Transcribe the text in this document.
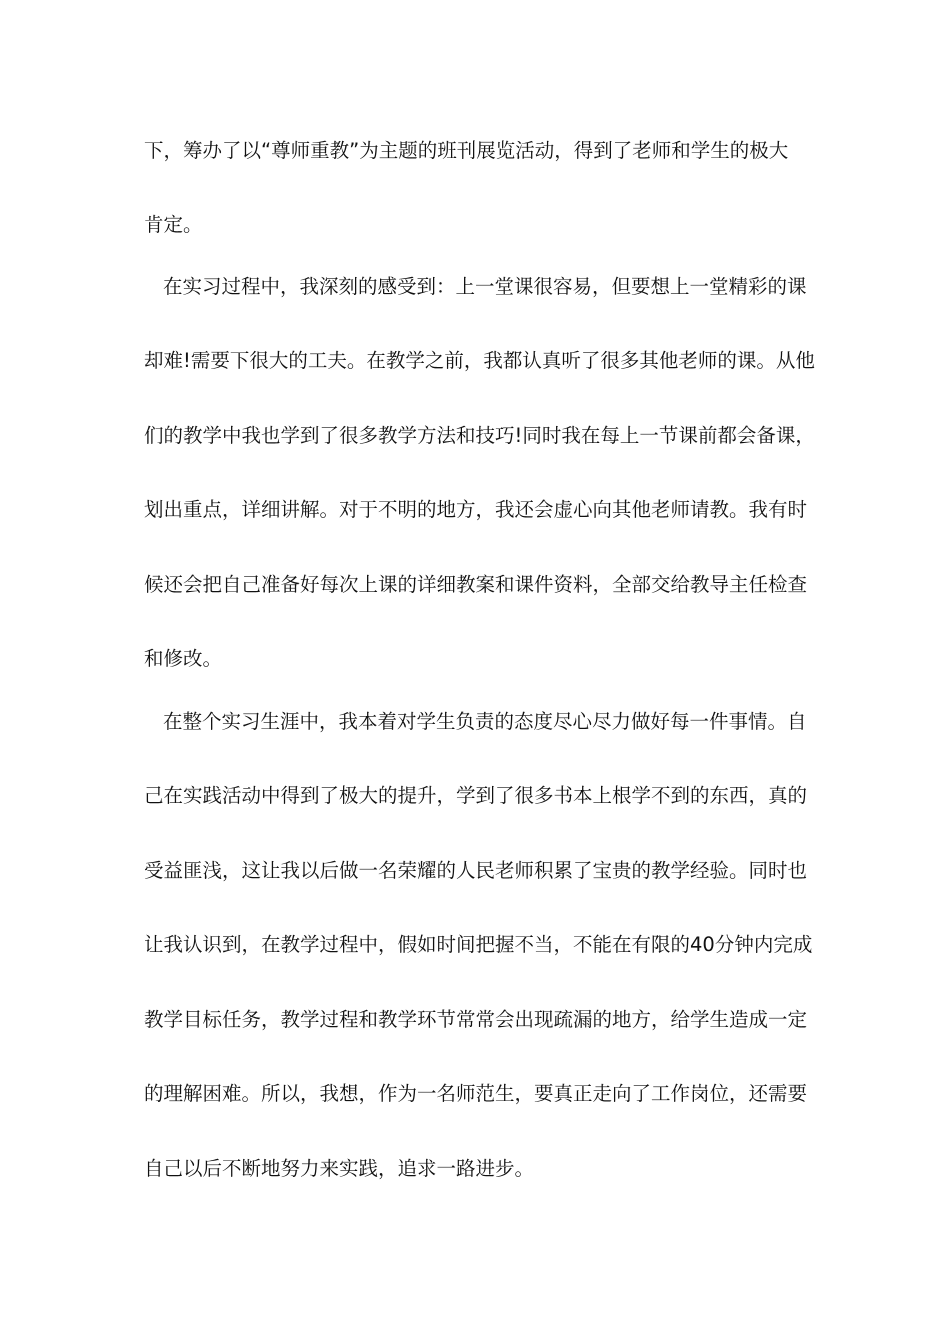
下，筹办了以“尊师重教”为主题的班刊展览活动，得到了老师和学生的极大
肯定。
在实习过程中，我深刻的感受到：上一堂课很容易，但要想上一堂精彩的课
却难!需要下很大的工夫。在教学之前，我都认真听了很多其他老师的课。从他
们的教学中我也学到了很多教学方法和技巧!同时我在每上一节课前都会备课，
划出重点，详细讲解。对于不明的地方，我还会虚心向其他老师请教。我有时
候还会把自己准备好每次上课的详细教案和课件资料，全部交给教导主任检查
和修改。
在整个实习生涯中，我本着对学生负责的态度尽心尽力做好每一件事情。自
己在实践活动中得到了极大的提升，学到了很多书本上根学不到的东西，真的
受益匪浅，这让我以后做一名荣耀的人民老师积累了宝贵的教学经验。同时也
让我认识到，在教学过程中，假如时间把握不当，不能在有限的40分钟内完成
教学目标任务，教学过程和教学环节常常会出现疏漏的地方，给学生造成一定
的理解困难。所以，我想，作为一名师范生，要真正走向了工作岗位，还需要
自己以后不断地努力来实践，追求一路进步。
